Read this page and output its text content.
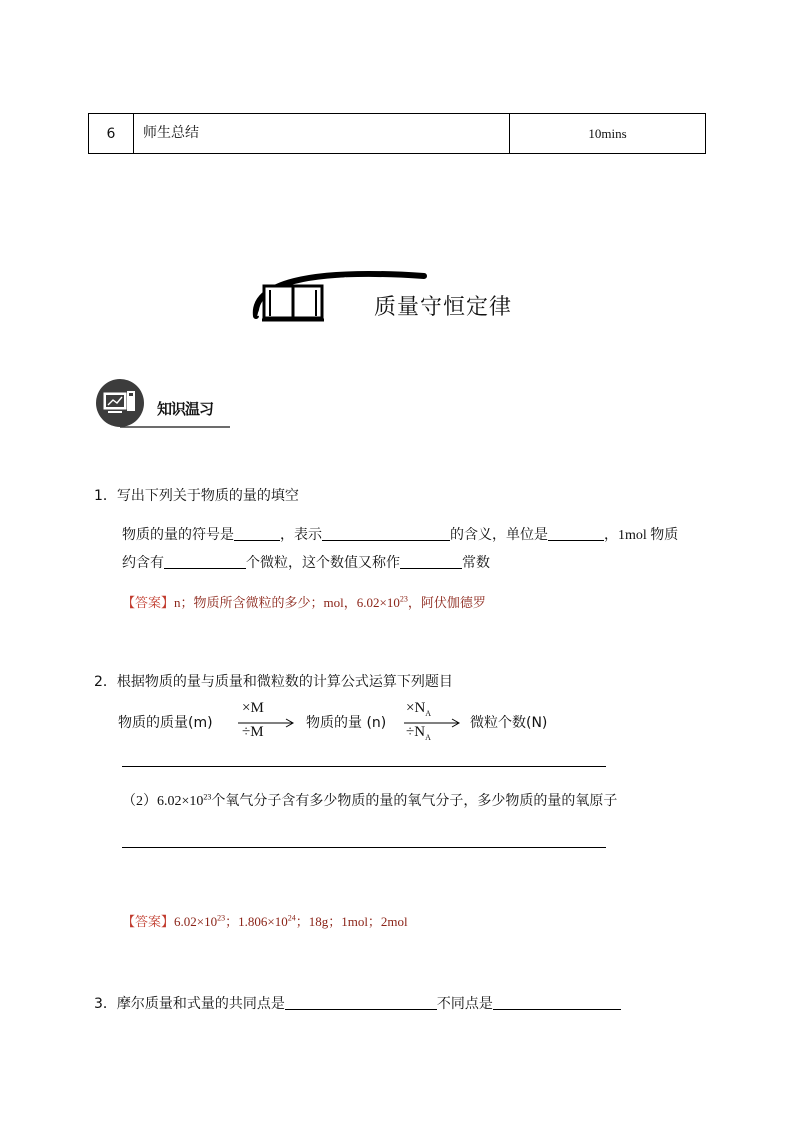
6	师生总结	10mins
质量守恒定律
知识温习
1．写出下列关于物质的量的填空
物质的量的符号是	，表示	的含义，单位是	，1mol 物质
约含有	个微粒，这个数值又称作	常数
【答案】n；物质所含微粒的多少；mol，$6.02\times 10^{23}$，阿伏伽德罗
2．根据物质的量与质量和微粒数的计算公式运算下列题目
物质的质量(m)
×M
÷M
物质的量 (n)
$\times N_A$
$\div N_A$
微粒个数(N)
$(2)6.02\times 10^{23}$个氧气分子含有多少物质的量的氧气分子，多少物质的量的氧原子
【答案】$6.02\times 10^{23}$；$1.806\times 10^{24}$；18g；1mol；2mol
3．摩尔质量和式量的共同点是	不同点是
